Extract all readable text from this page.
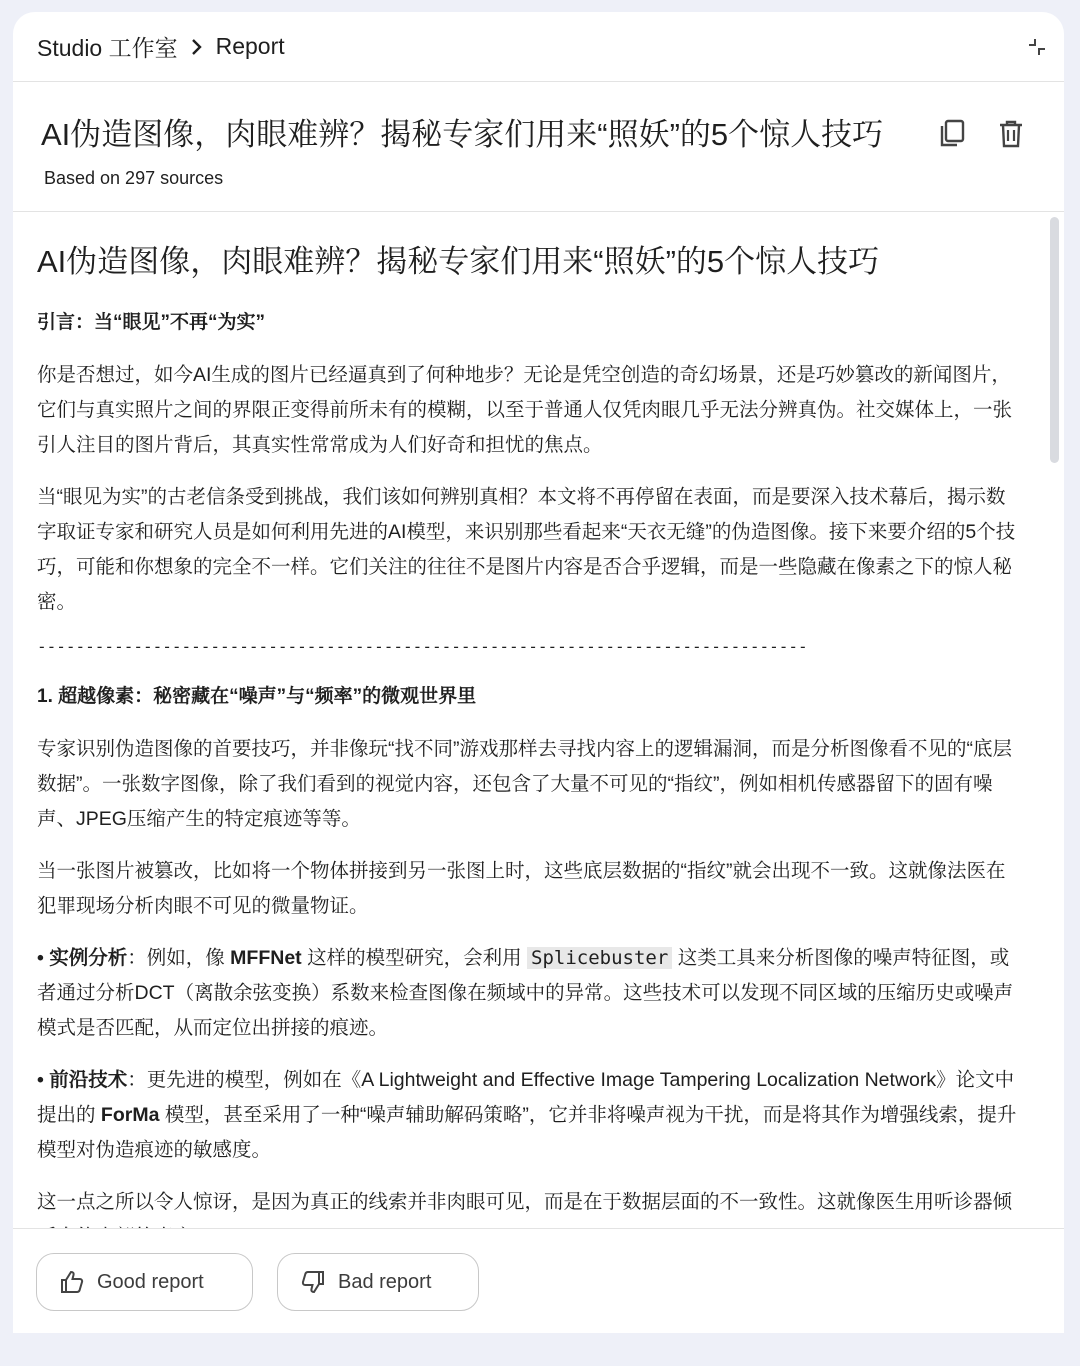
Studio 工作室 Report
AI伪造图像，肉眼难辨？揭秘专家们用来“照妖”的5个惊人技巧
Based on 297 sources
AI伪造图像，肉眼难辨？揭秘专家们用来“照妖”的5个惊人技巧
引言：当“眼见”不再“为实”
你是否想过，如今AI生成的图片已经逼真到了何种地步？无论是凭空创造的奇幻场景，还是巧妙篡改的新闻图片，它们与真实照片之间的界限正变得前所未有的模糊，以至于普通人仅凭肉眼几乎无法分辨真伪。社交媒体上，一张引人注目的图片背后，其真实性常常成为人们好奇和担忧的焦点。
当“眼见为实”的古老信条受到挑战，我们该如何辨别真相？本文将不再停留在表面，而是要深入技术幕后，揭示数字取证专家和研究人员是如何利用先进的AI模型，来识别那些看起来“天衣无缝”的伪造图像。接下来要介绍的5个技巧，可能和你想象的完全不一样。它们关注的往往不是图片内容是否合乎逻辑，而是一些隐藏在像素之下的惊人秘密。
--------------------------------------------------------------------------------
1. 超越像素：秘密藏在“噪声”与“频率”的微观世界里
专家识别伪造图像的首要技巧，并非像玩“找不同”游戏那样去寻找内容上的逻辑漏洞，而是分析图像看不见的“底层数据”。一张数字图像，除了我们看到的视觉内容，还包含了大量不可见的“指纹”，例如相机传感器留下的固有噪声、JPEG压缩产生的特定痕迹等等。
当一张图片被篡改，比如将一个物体拼接到另一张图上时，这些底层数据的“指纹”就会出现不一致。这就像法医在犯罪现场分析肉眼不可见的微量物证。
• 实例分析：例如，像 MFFNet 这样的模型研究，会利用 Splicebuster 这类工具来分析图像的噪声特征图，或者通过分析DCT（离散余弦变换）系数来检查图像在频域中的异常。这些技术可以发现不同区域的压缩历史或噪声模式是否匹配，从而定位出拼接的痕迹。
• 前沿技术：更先进的模型，例如在《A Lightweight and Effective Image Tampering Localization Network》论文中提出的 ForMa 模型，甚至采用了一种“噪声辅助解码策略”，它并非将噪声视为干扰，而是将其作为增强线索，提升模型对伪造痕迹的敏感度。
这一点之所以令人惊讶，是因为真正的线索并非肉眼可见，而是在于数据层面的不一致性。这就像医生用听诊器倾
Good report	Bad report
